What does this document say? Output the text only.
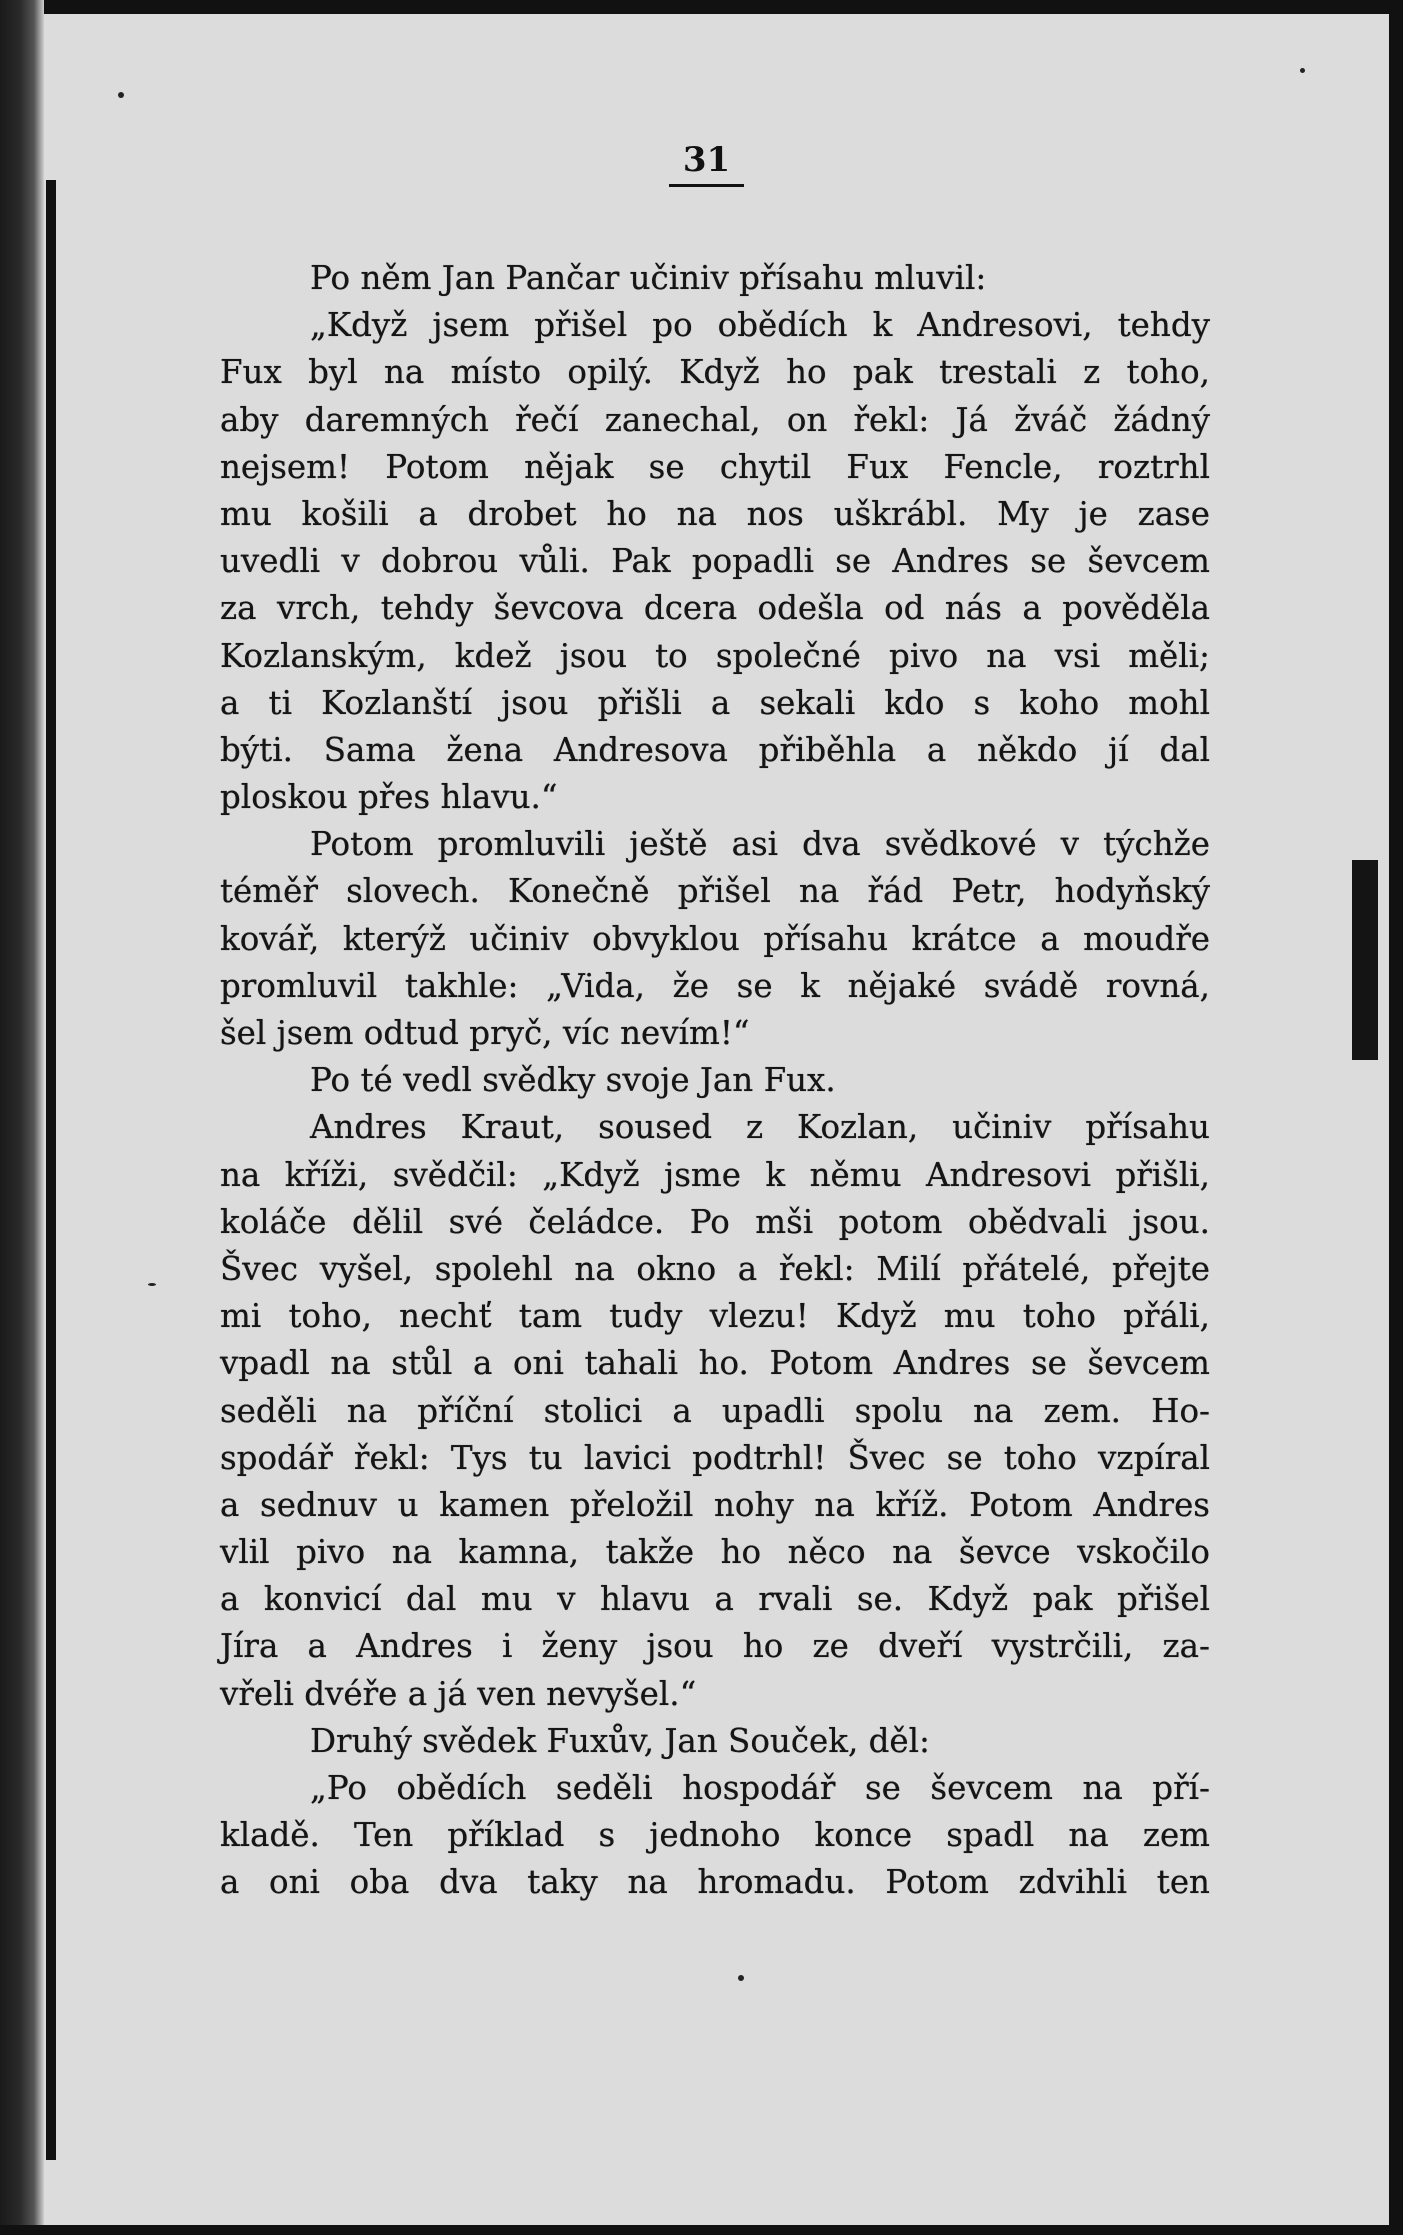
31
Po něm Jan Pančar učiniv přísahu mluvil:
„Když jsem přišel po obědích k Andresovi, tehdy
Fux byl na místo opilý. Když ho pak trestali z toho,
aby daremných řečí zanechal, on řekl: Já žváč žádný
nejsem! Potom nějak se chytil Fux Fencle, roztrhl
mu košili a drobet ho na nos uškrábl. My je zase
uvedli v dobrou vůli. Pak popadli se Andres se ševcem
za vrch, tehdy ševcova dcera odešla od nás a pověděla
Kozlanským, kdež jsou to společné pivo na vsi měli;
a ti Kozlanští jsou přišli a sekali kdo s koho mohl
býti. Sama žena Andresova přiběhla a někdo jí dal
ploskou přes hlavu.“
Potom promluvili ještě asi dva svědkové v týchže
téměř slovech. Konečně přišel na řád Petr, hodyňský
kovář, kterýž učiniv obvyklou přísahu krátce a moudře
promluvil takhle: „Vida, že se k nějaké svádě rovná,
šel jsem odtud pryč, víc nevím!“
Po té vedl svědky svoje Jan Fux.
Andres Kraut, soused z Kozlan, učiniv přísahu
na kříži, svědčil: „Když jsme k němu Andresovi přišli,
koláče dělil své čeládce. Po mši potom obědvali jsou.
Švec vyšel, spolehl na okno a řekl: Milí přátelé, přejte
mi toho, nechť tam tudy vlezu! Když mu toho přáli,
vpadl na stůl a oni tahali ho. Potom Andres se ševcem
seděli na příční stolici a upadli spolu na zem. Ho-
spodář řekl: Tys tu lavici podtrhl! Švec se toho vzpíral
a sednuv u kamen přeložil nohy na kříž. Potom Andres
vlil pivo na kamna, takže ho něco na ševce vskočilo
a konvicí dal mu v hlavu a rvali se. Když pak přišel
Jíra a Andres i ženy jsou ho ze dveří vystrčili, za-
vřeli dvéře a já ven nevyšel.“
Druhý svědek Fuxův, Jan Souček, děl:
„Po obědích seděli hospodář se ševcem na pří-
kladě. Ten příklad s jednoho konce spadl na zem
a oni oba dva taky na hromadu. Potom zdvihli ten
